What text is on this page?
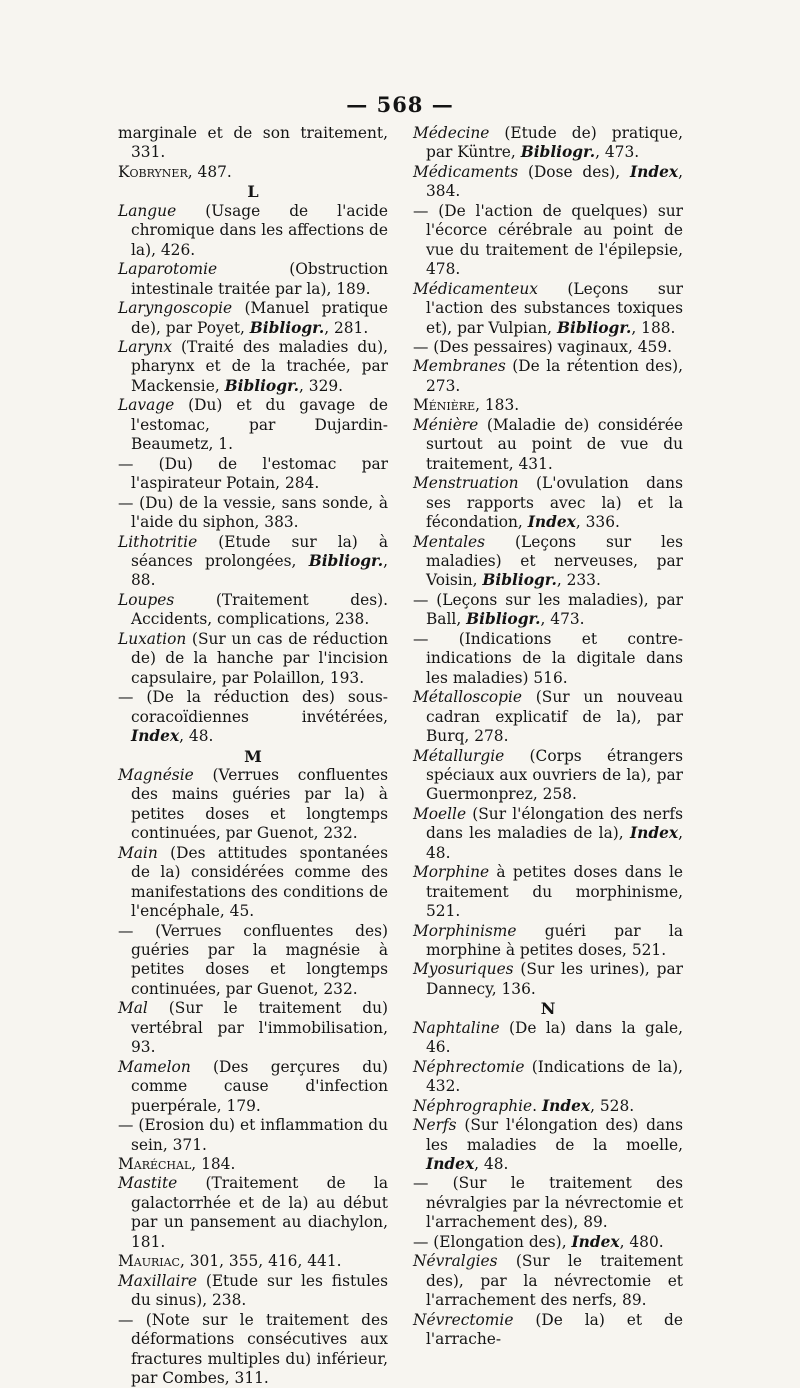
— 568 —
marginale et de son traitement, 331.
Kobryner, 487.
L
Langue (Usage de l'acide chromique dans les affections de la), 426.
Laparotomie (Obstruction intestinale traitée par la), 189.
Laryngoscopie (Manuel pratique de), par Poyet, Bibliogr., 281.
Larynx (Traité des maladies du), pharynx et de la trachée, par Mackensie, Bibliogr., 329.
Lavage (Du) et du gavage de l'estomac, par Dujardin-Beaumetz, 1.
— (Du) de l'estomac par l'aspirateur Potain, 284.
— (Du) de la vessie, sans sonde, à l'aide du siphon, 383.
Lithotritie (Etude sur la) à séances prolongées, Bibliogr., 88.
Loupes (Traitement des). Accidents, complications, 238.
Luxation (Sur un cas de réduction de) de la hanche par l'incision capsulaire, par Polaillon, 193.
— (De la réduction des) sous-coracoïdiennes invétérées, Index, 48.
M
Magnésie (Verrues confluentes des mains guéries par la) à petites doses et longtemps continuées, par Guenot, 232.
Main (Des attitudes spontanées de la) considérées comme des manifestations des conditions de l'encéphale, 45.
— (Verrues confluentes des) guéries par la magnésie à petites doses et longtemps continuées, par Guenot, 232.
Mal (Sur le traitement du) vertébral par l'immobilisation, 93.
Mamelon (Des gerçures du) comme cause d'infection puerpérale, 179.
— (Erosion du) et inflammation du sein, 371.
Maréchal, 184.
Mastite (Traitement de la galactorrhée et de la) au début par un pansement au diachylon, 181.
Mauriac, 301, 355, 416, 441.
Maxillaire (Etude sur les fistules du sinus), 238.
— (Note sur le traitement des déformations consécutives aux fractures multiples du) inférieur, par Combes, 311.
Médecine (Etude de) pratique, par Küntre, Bibliogr., 473.
Médicaments (Dose des), Index, 384.
— (De l'action de quelques) sur l'écorce cérébrale au point de vue du traitement de l'épilepsie, 478.
Médicamenteux (Leçons sur l'action des substances toxiques et), par Vulpian, Bibliogr., 188.
— (Des pessaires) vaginaux, 459.
Membranes (De la rétention des), 273.
Ménière, 183.
Ménière (Maladie de) considérée surtout au point de vue du traitement, 431.
Menstruation (L'ovulation dans ses rapports avec la) et la fécondation, Index, 336.
Mentales (Leçons sur les maladies) et nerveuses, par Voisin, Bibliogr., 233.
— (Leçons sur les maladies), par Ball, Bibliogr., 473.
— (Indications et contre-indications de la digitale dans les maladies) 516.
Métalloscopie (Sur un nouveau cadran explicatif de la), par Burq, 278.
Métallurgie (Corps étrangers spéciaux aux ouvriers de la), par Guermonprez, 258.
Moelle (Sur l'élongation des nerfs dans les maladies de la), Index, 48.
Morphine à petites doses dans le traitement du morphinisme, 521.
Morphinisme guéri par la morphine à petites doses, 521.
Myosuriques (Sur les urines), par Dannecy, 136.
N
Naphtaline (De la) dans la gale, 46.
Néphrectomie (Indications de la), 432.
Néphrographie. Index, 528.
Nerfs (Sur l'élongation des) dans les maladies de la moelle, Index, 48.
— (Sur le traitement des névralgies par la névrectomie et l'arrachement des), 89.
— (Elongation des), Index, 480.
Névralgies (Sur le traitement des), par la névrectomie et l'arrachement des nerfs, 89.
Névrectomie (De la) et de l'arrache-
